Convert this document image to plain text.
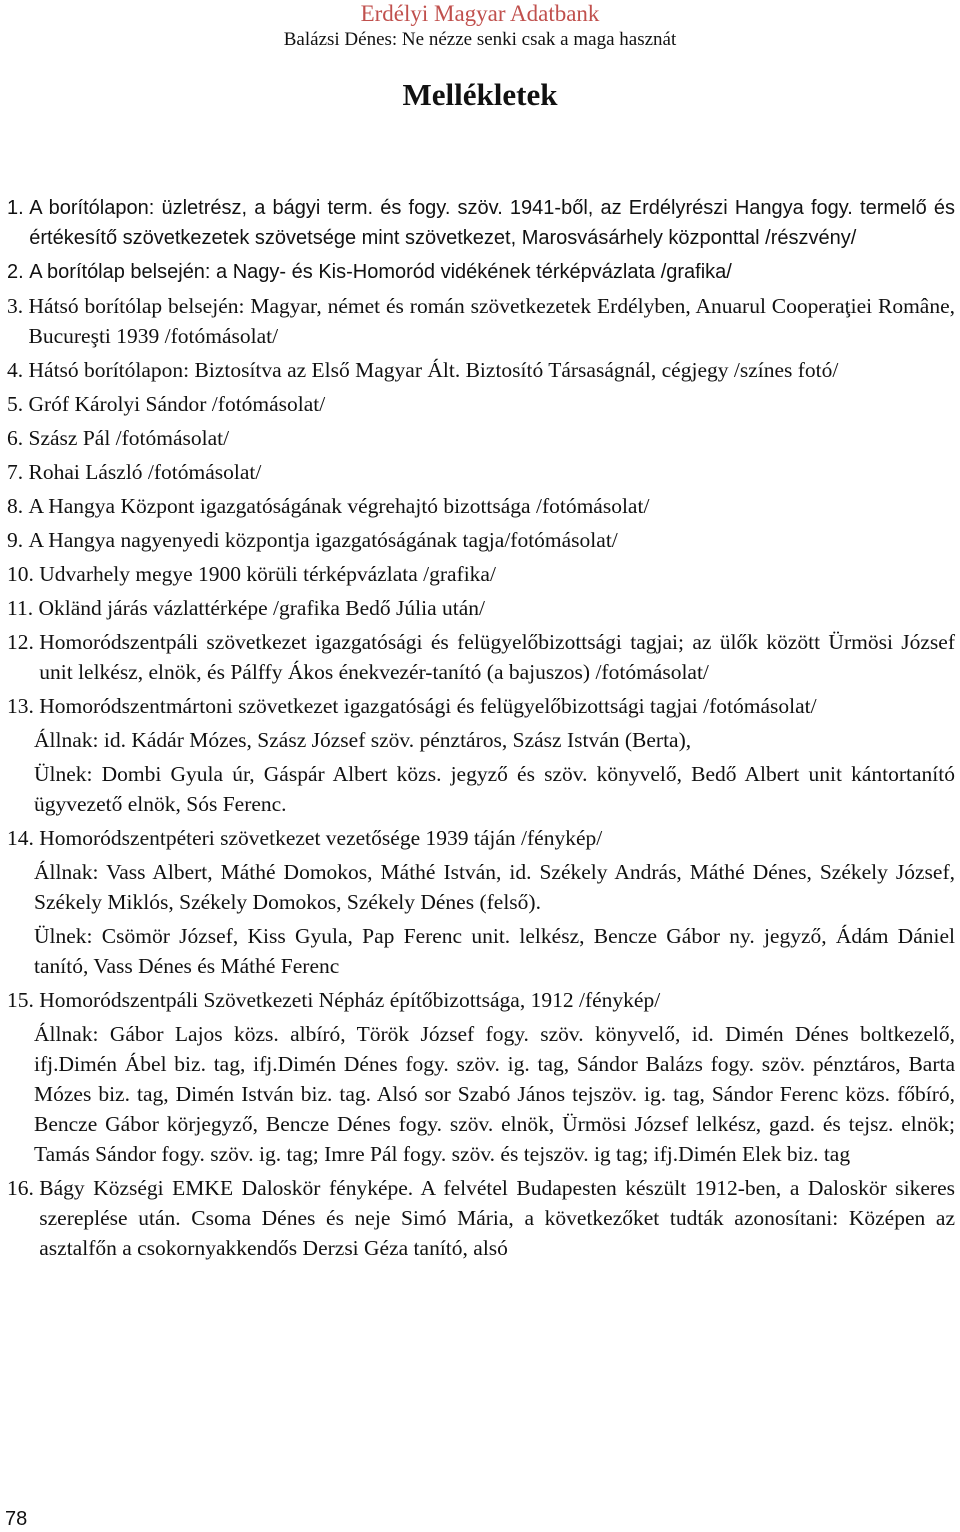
Erdélyi Magyar Adatbank
Balázsi Dénes: Ne nézze senki csak a maga hasznát
Mellékletek
1. A borítólapon: üzletrész, a bágyi term. és fogy. szöv. 1941-ből, az Erdélyrészi Hangya fogy. termelő és értékesítő szövetkezetek szövetsége mint szövetkezet, Marosvásárhely központtal /részvény/
2. A borítólap belsején: a Nagy- és Kis-Homoród vidékének térképvázlata /grafika/
3. Hátsó borítólap belsején: Magyar, német és román szövetkezetek Erdélyben, Anuarul Cooperaţiei Române, Bucureşti 1939 /fotómásolat/
4. Hátsó borítólapon: Biztosítva az Első Magyar Ált. Biztosító Társaságnál, cégjegy /színes fotó/
5. Gróf Károlyi Sándor /fotómásolat/
6. Szász Pál /fotómásolat/
7. Rohai László /fotómásolat/
8. A Hangya Központ igazgatóságának végrehajtó bizottsága /fotómásolat/
9. A Hangya nagyenyedi központja igazgatóságának tagja/fotómásolat/
10. Udvarhely megye 1900 körüli térképvázlata /grafika/
11. Okländ járás vázlattérképe /grafika Bedő Júlia után/
12. Homoródszentpáli szövetkezet igazgatósági és felügyelőbizottsági tagjai; az ülők között Ürmösi József unit lelkész, elnök, és Pálffy Ákos énekvezér-tanító (a bajuszos) /fotómásolat/
13. Homoródszentmártoni szövetkezet igazgatósági és felügyelőbizottsági tagjai /fotómásolat/
Állnak: id. Kádár Mózes, Szász József szöv. pénztáros, Szász István (Berta),
Ülnek: Dombi Gyula úr, Gáspár Albert közs. jegyző és szöv. könyvelő, Bedő Albert unit kántortanító ügyvezető elnök, Sós Ferenc.
14. Homoródszentpéteri szövetkezet vezetősége 1939 táján /fénykép/
Állnak: Vass Albert, Máthé Domokos, Máthé István, id. Székely András, Máthé Dénes, Székely József, Székely Miklós, Székely Domokos, Székely Dénes (felső).
Ülnek: Csömör József, Kiss Gyula, Pap Ferenc unit. lelkész, Bencze Gábor ny. jegyző, Ádám Dániel tanító, Vass Dénes és Máthé Ferenc
15. Homoródszentpáli Szövetkezeti Népház építőbizottsága, 1912 /fénykép/
Állnak: Gábor Lajos közs. albíró, Török József fogy. szöv. könyvelő, id. Dimén Dénes boltkezelő, ifj.Dimén Ábel biz. tag, ifj.Dimén Dénes fogy. szöv. ig. tag, Sándor Balázs fogy. szöv. pénztáros, Barta Mózes biz. tag, Dimén István biz. tag. Alsó sor Szabó János tejszöv. ig. tag, Sándor Ferenc közs. főbíró, Bencze Gábor körjegyző, Bencze Dénes fogy. szöv. elnök, Ürmösi József lelkész, gazd. és tejsz. elnök; Tamás Sándor fogy. szöv. ig. tag; Imre Pál fogy. szöv. és tejszöv. ig tag; ifj.Dimén Elek biz. tag
16. Bágy Községi EMKE Daloskör fényképe. A felvétel Budapesten készült 1912-ben, a Daloskör sikeres szereplése után. Csoma Dénes és neje Simó Mária, a következőket tudták azonosítani: Középen az asztalfőn a csokornyakkendős Derzsi Géza tanító, alsó
78
